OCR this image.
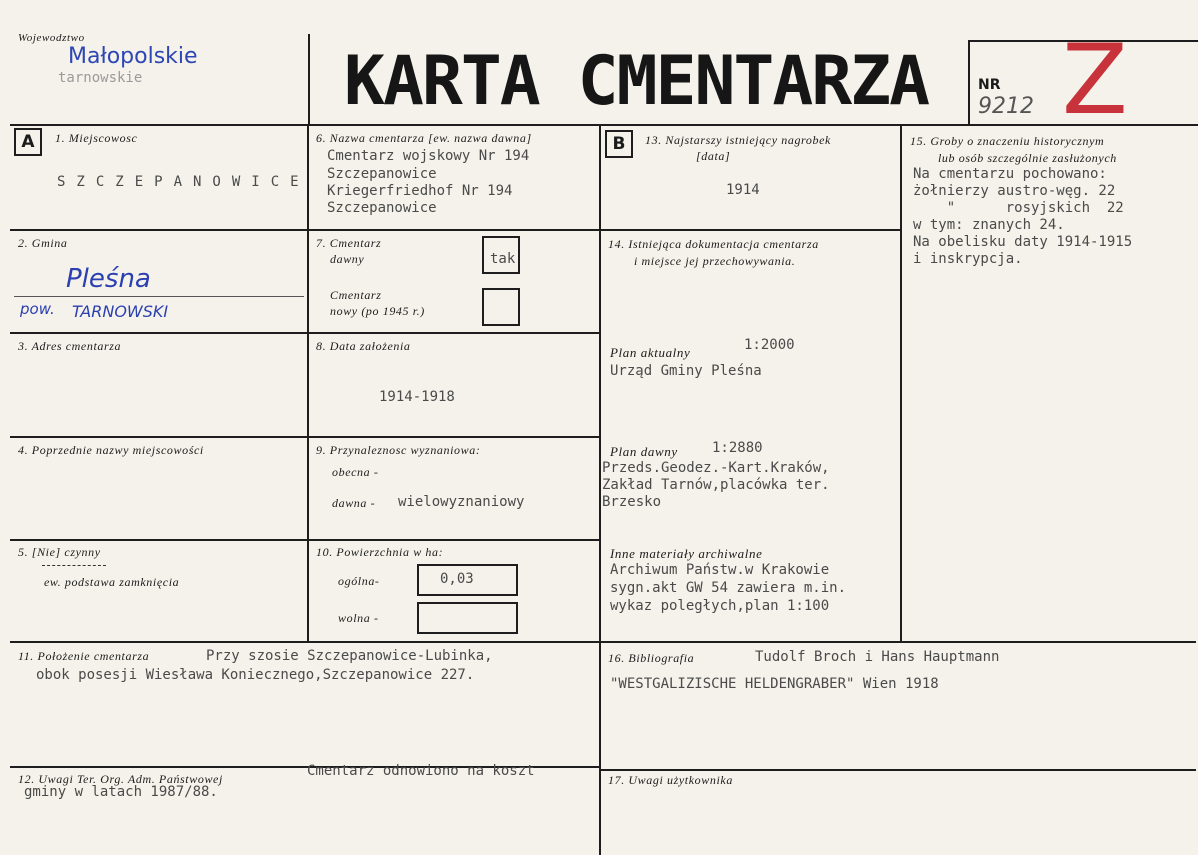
Wojewodztwo
Małopolskie
tarnowskie	KARTA CMENTARZA	NR
9212 Z
A	B
1. Miejscowosc
SZCZEPANOWICE
2. Gmina
Pleśna
pow. TARNOWSKI
3. Adres cmentarza
4. Poprzednie nazwy miejscowości
5. [Nie] czynny
ew. podstawa zamknięcia
6. Nazwa cmentarza [ew. nazwa dawna]
Cmentarz wojskowy Nr 194
Szczepanowice
Kriegerfriedhof Nr 194
Szczepanowice
7. Cmentarz
dawny	tak
Cmentarz
nowy (po 1945 r.)
8. Data założenia
1914-1918
9. Przynaleznosc wyznaniowa:
obecna -
dawna - wielowyznaniowy
10. Powierzchnia w ha:
ogólna-	0,03
wolna -
11. Położenie cmentarza	Przy szosie Szczepanowice-Lubinka,
obok posesji Wiesława Koniecznego,Szczepanowice 227.
12. Uwagi Ter. Org. Adm. Państwowej	Cmentarz odnowiono na koszt
gminy w latach 1987/88.
13. Najstarszy istniejący nagrobek
[data]
1914
14. Istniejąca dokumentacja cmentarza
i miejsce jej przechowywania.
Plan aktualny	1:2000
Urząd Gminy Pleśna
Plan dawny 1:2880
Przeds.Geodez.-Kart.Kraków,
Zakład Tarnów,placówka ter.
Brzesko
Inne materiały archiwalne
Archiwum Państw.w Krakowie
sygn.akt GW 54 zawiera m.in.
wykaz poległych,plan 1:100
15. Groby o znaczeniu historycznym
lub osób szczególnie zasłużonych
Na cmentarzu pochowano:
żołnierzy austro-węg. 22
"      rosyjskich  22
w tym: znanych 24.
Na obelisku daty 1914-1915
i inskrypcja.
16. Bibliografia	Tudolf Broch i Hans Hauptmann
"WESTGALIZISCHE HELDENGRABER" Wien 1918
17. Uwagi użytkownika
